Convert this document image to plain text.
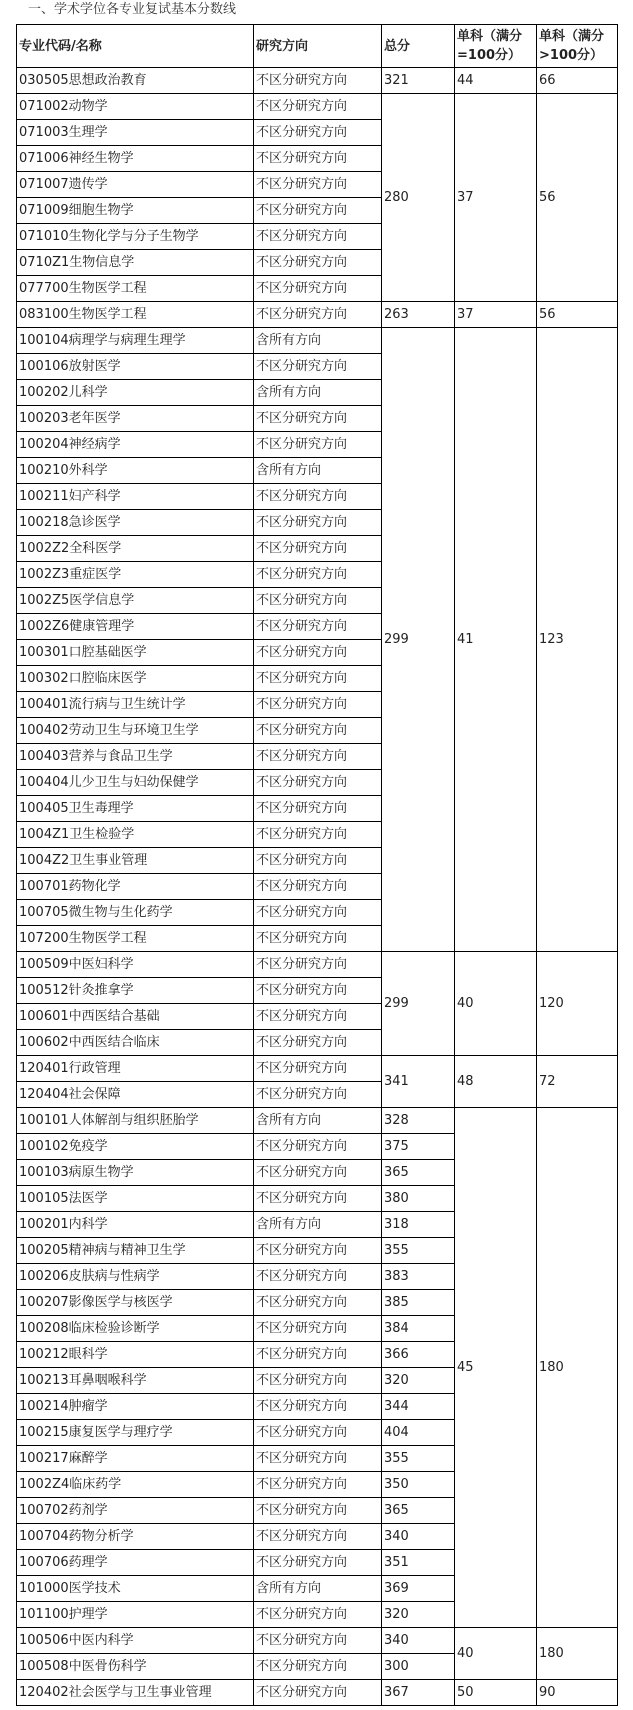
一、学术学位各专业复试基本分数线
专业代码/名称	研究方向	总分	单科（满分=100分）	单科（满分>100分）
030505思想政治教育	不区分研究方向	321	44	66
071002动物学	不区分研究方向	280	37	56
071003生理学	不区分研究方向			
071006神经生物学	不区分研究方向			
071007遗传学	不区分研究方向			
071009细胞生物学	不区分研究方向			
071010生物化学与分子生物学	不区分研究方向			
0710Z1生物信息学	不区分研究方向			
077700生物医学工程	不区分研究方向			
083100生物医学工程	不区分研究方向	263	37	56
100104病理学与病理生理学	含所有方向	299	41	123
100106放射医学	不区分研究方向			
100202儿科学	含所有方向			
100203老年医学	不区分研究方向			
100204神经病学	不区分研究方向			
100210外科学	含所有方向			
100211妇产科学	不区分研究方向			
100218急诊医学	不区分研究方向			
1002Z2全科医学	不区分研究方向			
1002Z3重症医学	不区分研究方向			
1002Z5医学信息学	不区分研究方向			
1002Z6健康管理学	不区分研究方向			
100301口腔基础医学	不区分研究方向			
100302口腔临床医学	不区分研究方向			
100401流行病与卫生统计学	不区分研究方向			
100402劳动卫生与环境卫生学	不区分研究方向			
100403营养与食品卫生学	不区分研究方向			
100404儿少卫生与妇幼保健学	不区分研究方向			
100405卫生毒理学	不区分研究方向			
1004Z1卫生检验学	不区分研究方向			
1004Z2卫生事业管理	不区分研究方向			
100701药物化学	不区分研究方向			
100705微生物与生化药学	不区分研究方向			
107200生物医学工程	不区分研究方向			
100509中医妇科学	不区分研究方向	299	40	120
100512针灸推拿学	不区分研究方向			
100601中西医结合基础	不区分研究方向			
100602中西医结合临床	不区分研究方向			
120401行政管理	不区分研究方向	341	48	72
120404社会保障	不区分研究方向			
100101人体解剖与组织胚胎学	含所有方向	328	45	180
100102免疫学	不区分研究方向	375		
100103病原生物学	不区分研究方向	365		
100105法医学	不区分研究方向	380		
100201内科学	含所有方向	318		
100205精神病与精神卫生学	不区分研究方向	355		
100206皮肤病与性病学	不区分研究方向	383		
100207影像医学与核医学	不区分研究方向	385		
100208临床检验诊断学	不区分研究方向	384		
100212眼科学	不区分研究方向	366		
100213耳鼻咽喉科学	不区分研究方向	320		
100214肿瘤学	不区分研究方向	344		
100215康复医学与理疗学	不区分研究方向	404		
100217麻醉学	不区分研究方向	355		
1002Z4临床药学	不区分研究方向	350		
100702药剂学	不区分研究方向	365		
100704药物分析学	不区分研究方向	340		
100706药理学	不区分研究方向	351		
101000医学技术	含所有方向	369		
101100护理学	不区分研究方向	320		
100506中医内科学	不区分研究方向	340	40	180
100508中医骨伤科学	不区分研究方向	300		
120402社会医学与卫生事业管理	不区分研究方向	367	50	90
